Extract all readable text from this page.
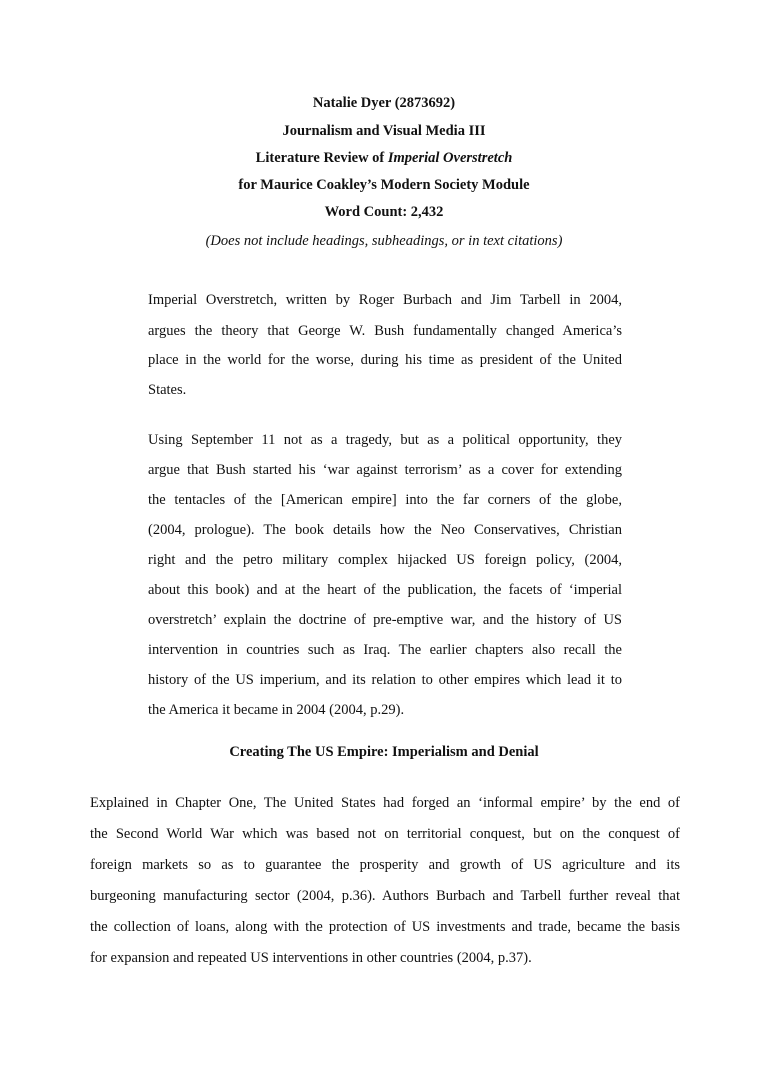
Natalie Dyer (2873692)
Journalism and Visual Media III
Literature Review of Imperial Overstretch
for Maurice Coakley’s Modern Society Module
Word Count: 2,432
(Does not include headings, subheadings, or in text citations)
Imperial Overstretch, written by Roger Burbach and Jim Tarbell in 2004,
argues the theory that George W. Bush fundamentally changed America’s
place in the world for the worse, during his time as president of the United
States.
Using September 11 not as a tragedy, but as a political opportunity, they
argue that Bush started his ‘war against terrorism’ as a cover for extending
the tentacles of the [American empire] into the far corners of the globe,
(2004, prologue). The book details how the Neo Conservatives, Christian
right and the petro military complex hijacked US foreign policy, (2004,
about this book) and at the heart of the publication, the facets of ‘imperial
overstretch’ explain the doctrine of pre-emptive war, and the history of US
intervention in countries such as Iraq. The earlier chapters also recall the
history of the US imperium, and its relation to other empires which lead it to
the America it became in 2004 (2004, p.29).
Creating The US Empire: Imperialism and Denial
Explained in Chapter One, The United States had forged an ‘informal empire’ by the end of
the Second World War which was based not on territorial conquest, but on the conquest of
foreign markets so as to guarantee the prosperity and growth of US agriculture and its
burgeoning manufacturing sector (2004, p.36). Authors Burbach and Tarbell further reveal that
the collection of loans, along with the protection of US investments and trade, became the basis
for expansion and repeated US interventions in other countries (2004, p.37).
